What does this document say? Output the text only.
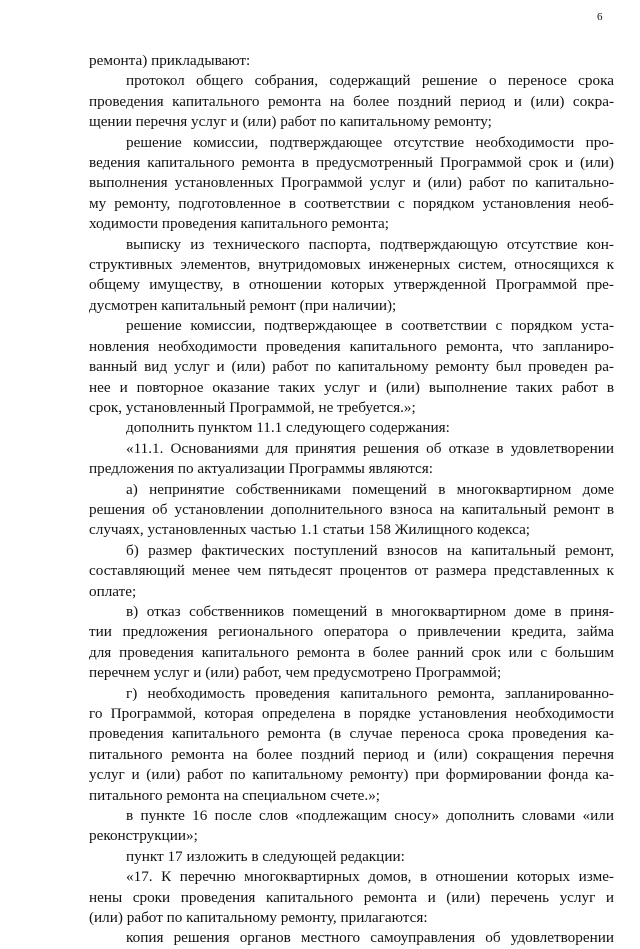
6
ремонта) прикладывают:
протокол общего собрания, содержащий решение о переносе срока
проведения капитального ремонта на более поздний период и (или) сокра-
щении перечня услуг и (или) работ по капитальному ремонту;
решение комиссии, подтверждающее отсутствие необходимости про-
ведения капитального ремонта в предусмотренный Программой срок и (или)
выполнения установленных Программой услуг и (или) работ по капитально-
му ремонту, подготовленное в соответствии с порядком установления необ-
ходимости проведения капитального ремонта;
выписку из технического паспорта, подтверждающую отсутствие кон-
структивных элементов, внутридомовых инженерных систем, относящихся к
общему имуществу, в отношении которых утвержденной Программой пре-
дусмотрен капитальный ремонт (при наличии);
решение комиссии, подтверждающее в соответствии с порядком уста-
новления необходимости проведения капитального ремонта, что запланиро-
ванный вид услуг и (или) работ по капитальному ремонту был проведен ра-
нее и повторное оказание таких услуг и (или) выполнение таких работ в
срок, установленный Программой, не требуется.»;
дополнить пунктом 11.1 следующего содержания:
«11.1. Основаниями для принятия решения об отказе в удовлетворении
предложения по актуализации Программы являются:
а) непринятие собственниками помещений в многоквартирном доме
решения об установлении дополнительного взноса на капитальный ремонт в
случаях, установленных частью 1.1 статьи 158 Жилищного кодекса;
б) размер фактических поступлений взносов на капитальный ремонт,
составляющий менее чем пятьдесят процентов от размера представленных к
оплате;
в) отказ собственников помещений в многоквартирном доме в приня-
тии предложения регионального оператора о привлечении кредита, займа
для проведения капитального ремонта в более ранний срок или с большим
перечнем услуг и (или) работ, чем предусмотрено Программой;
г) необходимость проведения капитального ремонта, запланированно-
го Программой, которая определена в порядке установления необходимости
проведения капитального ремонта (в случае переноса срока проведения ка-
питального ремонта на более поздний период и (или) сокращения перечня
услуг и (или) работ по капитальному ремонту) при формировании фонда ка-
питального ремонта на специальном счете.»;
в пункте 16 после слов «подлежащим сносу» дополнить словами «или
реконструкции»;
пункт 17 изложить в следующей редакции:
«17. К перечню многоквартирных домов, в отношении которых изме-
нены сроки проведения капитального ремонта и (или) перечень услуг и
(или) работ по капитальному ремонту, прилагаются:
копия решения органов местного самоуправления об удовлетворении
